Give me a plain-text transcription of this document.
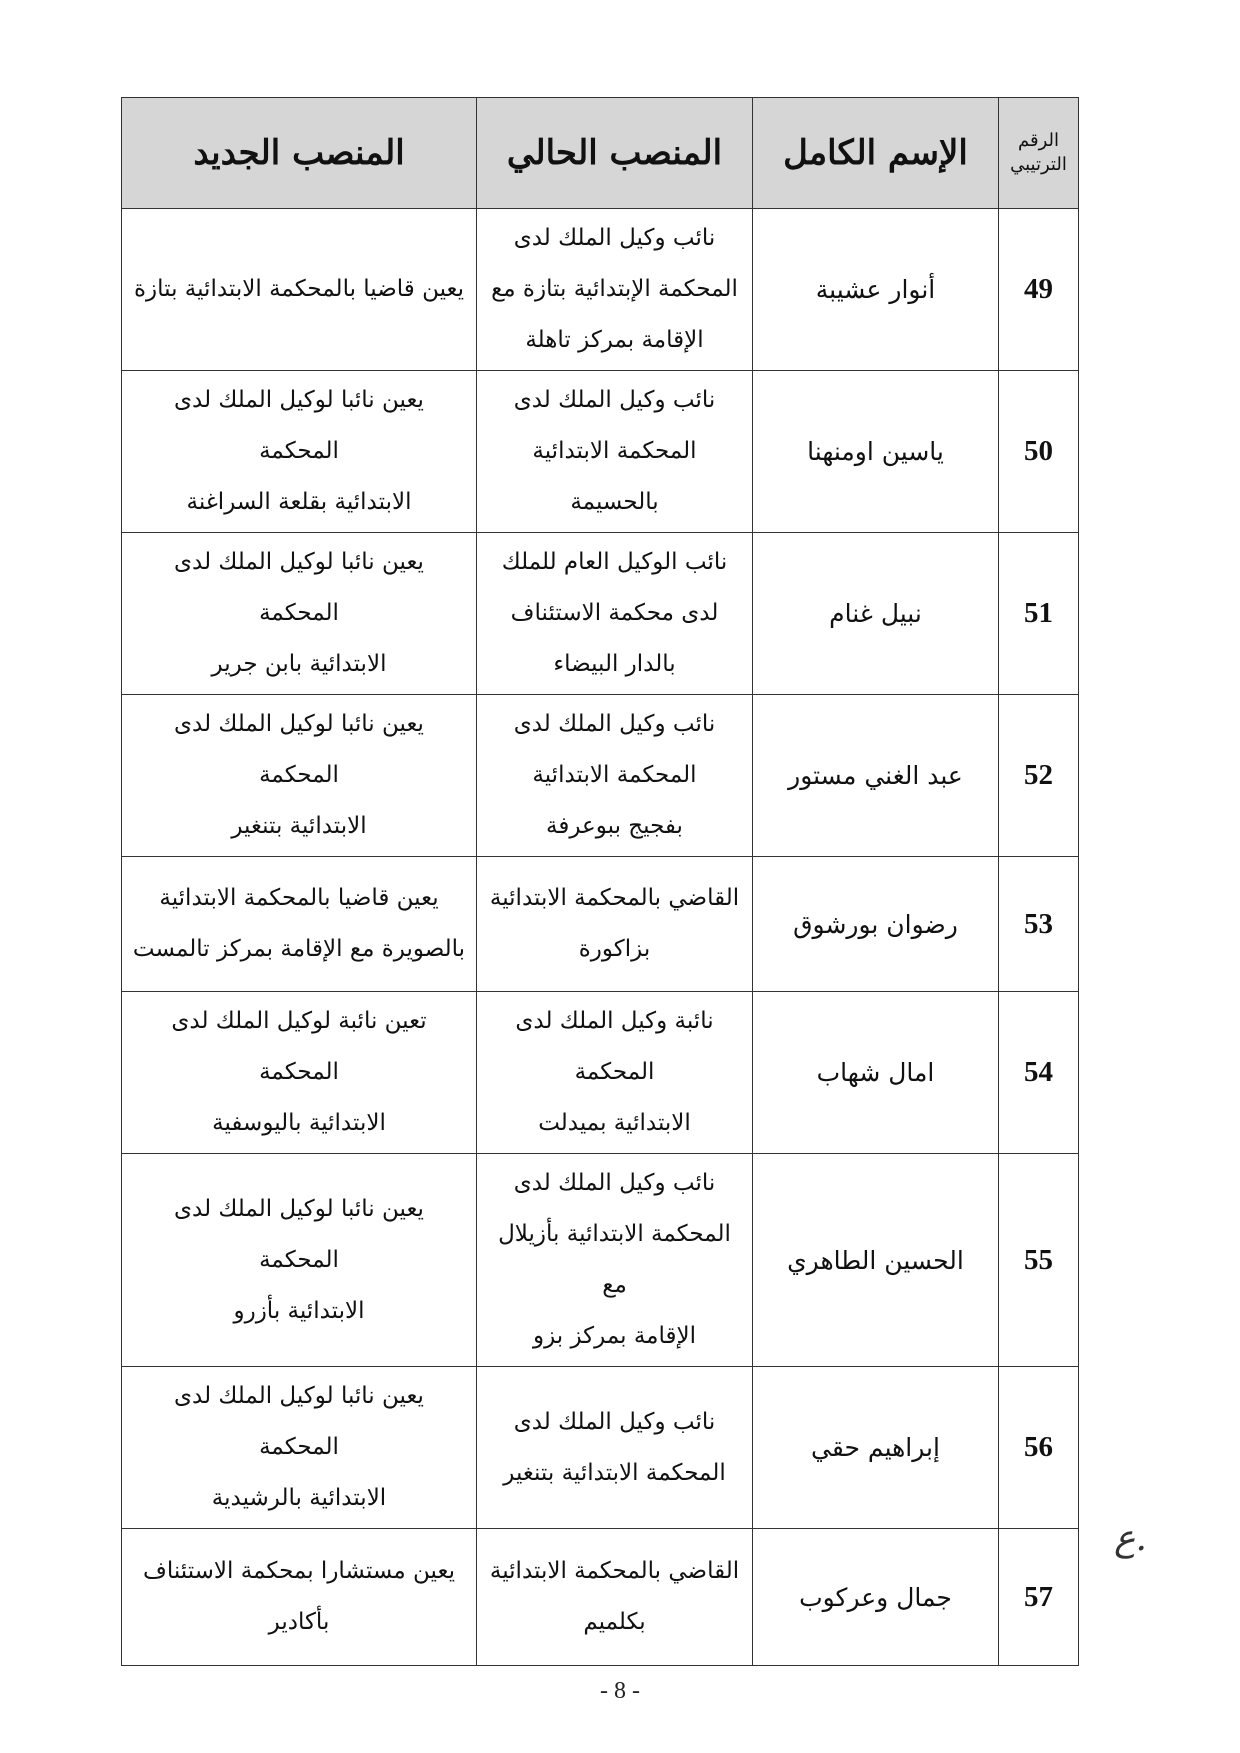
الرقم
الترتيبي	الإسم الكامل	المنصب الحالي	المنصب الجديد
49	أنوار عشيبة	نائب وكيل الملك لدى
المحكمة الإبتدائية بتازة مع
الإقامة بمركز تاهلة	يعين قاضيا بالمحكمة الابتدائية بتازة
50	ياسين اومنهنا	نائب وكيل الملك لدى
المحكمة الابتدائية بالحسيمة	يعين نائبا لوكيل الملك لدى المحكمة
الابتدائية بقلعة السراغنة
51	نبيل غنام	نائب الوكيل العام للملك
لدى محكمة الاستئناف
بالدار البيضاء	يعين نائبا لوكيل الملك لدى المحكمة
الابتدائية بابن جرير
52	عبد الغني مستور	نائب وكيل الملك لدى
المحكمة الابتدائية
بفجيج ببوعرفة	يعين نائبا لوكيل الملك لدى المحكمة
الابتدائية بتنغير
53	رضوان بورشوق	القاضي بالمحكمة الابتدائية
بزاكورة	يعين قاضيا بالمحكمة الابتدائية
بالصويرة مع الإقامة بمركز تالمست
54	امال شهاب	نائبة وكيل الملك لدى المحكمة
الابتدائية بميدلت	تعين نائبة لوكيل الملك لدى المحكمة
الابتدائية باليوسفية
55	الحسين الطاهري	نائب وكيل الملك لدى
المحكمة الابتدائية بأزيلال مع
الإقامة بمركز بزو	يعين نائبا لوكيل الملك لدى المحكمة
الابتدائية بأزرو
56	إبراهيم حقي	نائب وكيل الملك لدى
المحكمة الابتدائية بتنغير	يعين نائبا لوكيل الملك لدى المحكمة
الابتدائية بالرشيدية
57	جمال وعركوب	القاضي بالمحكمة الابتدائية
بكلميم	يعين مستشارا بمحكمة الاستئناف
بأكادير
ع.
- 8 -
